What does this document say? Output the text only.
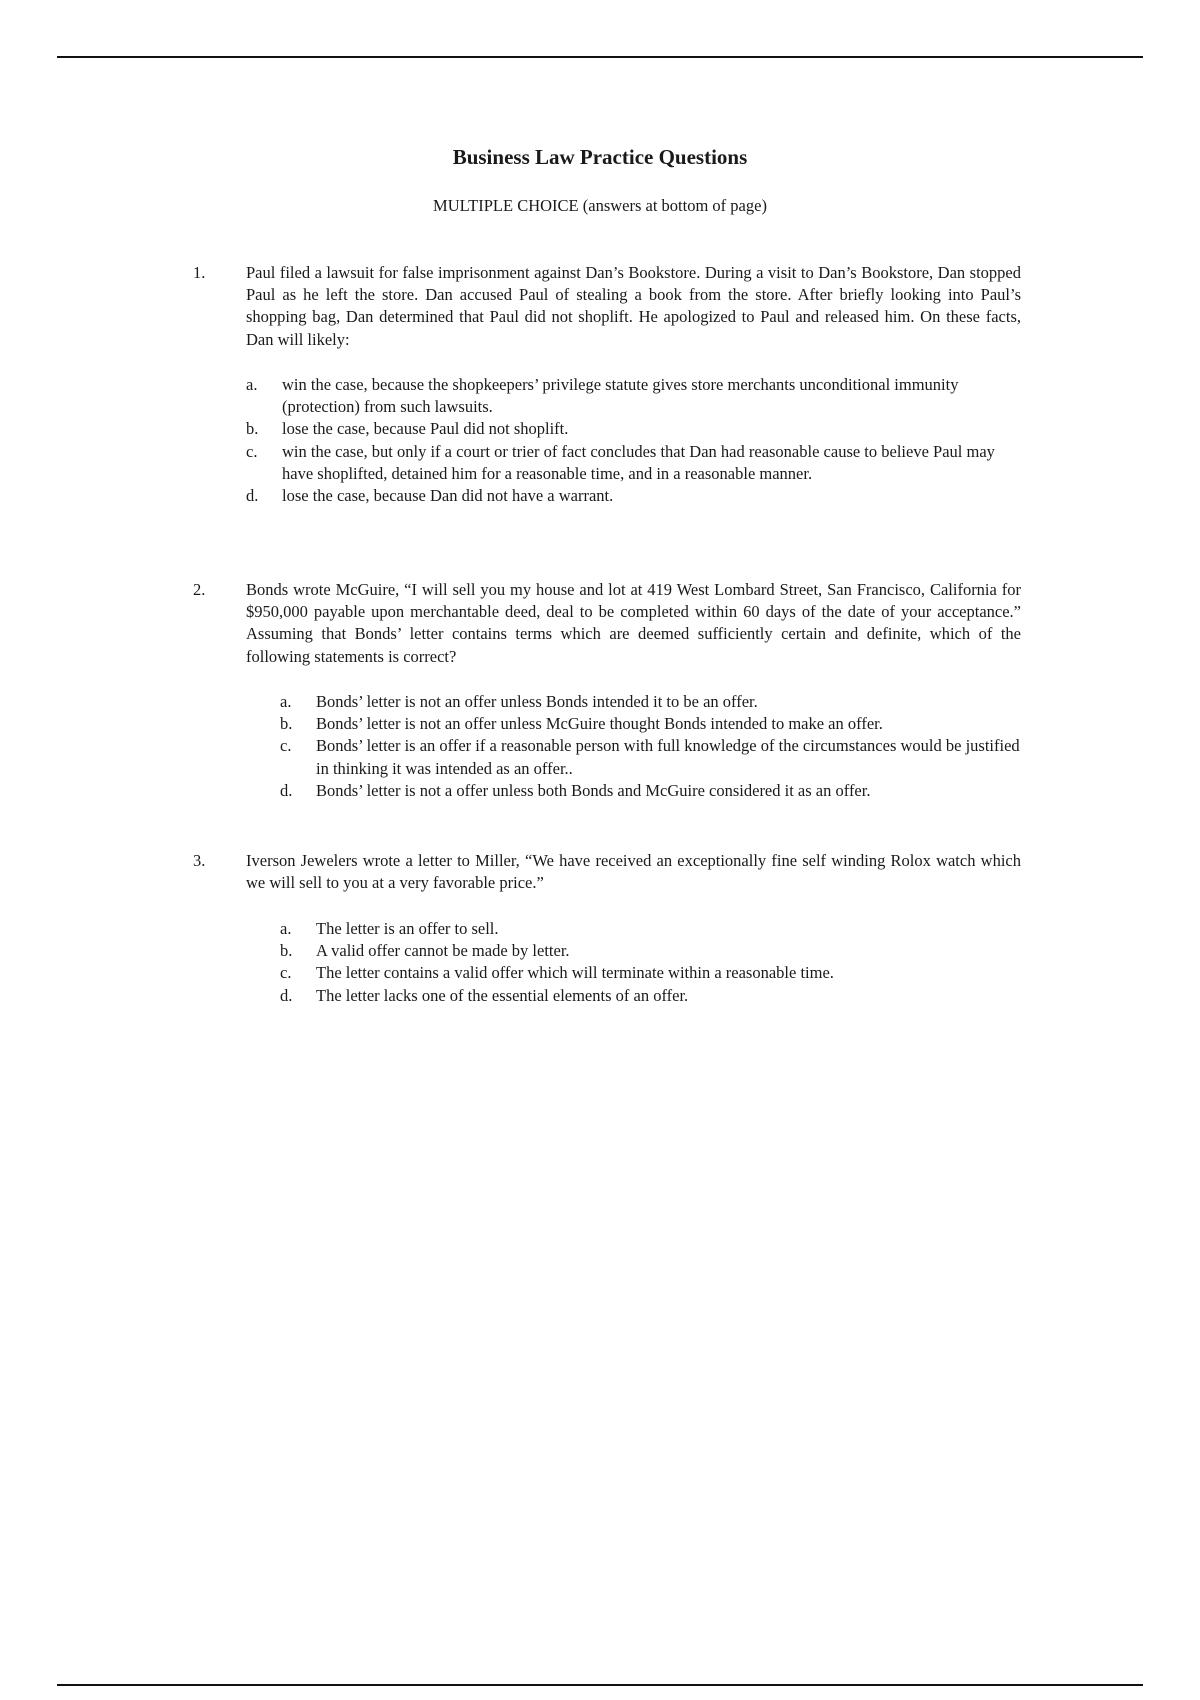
Business Law Practice Questions
MULTIPLE CHOICE (answers at bottom of page)
1. Paul filed a lawsuit for false imprisonment against Dan’s Bookstore. During a visit to Dan’s Bookstore, Dan stopped Paul as he left the store. Dan accused Paul of stealing a book from the store. After briefly looking into Paul’s shopping bag, Dan determined that Paul did not shoplift. He apologized to Paul and released him. On these facts, Dan will likely:
a. win the case, because the shopkeepers’ privilege statute gives store merchants unconditional immunity (protection) from such lawsuits.
b. lose the case, because Paul did not shoplift.
c. win the case, but only if a court or trier of fact concludes that Dan had reasonable cause to believe Paul may have shoplifted, detained him for a reasonable time, and in a reasonable manner.
d. lose the case, because Dan did not have a warrant.
2. Bonds wrote McGuire, “I will sell you my house and lot at 419 West Lombard Street, San Francisco, California for $950,000 payable upon merchantable deed, deal to be completed within 60 days of the date of your acceptance.” Assuming that Bonds’ letter contains terms which are deemed sufficiently certain and definite, which of the following statements is correct?
a. Bonds’ letter is not an offer unless Bonds intended it to be an offer.
b. Bonds’ letter is not an offer unless McGuire thought Bonds intended to make an offer.
c. Bonds’ letter is an offer if a reasonable person with full knowledge of the circumstances would be justified in thinking it was intended as an offer..
d. Bonds’ letter is not a offer unless both Bonds and McGuire considered it as an offer.
3. Iverson Jewelers wrote a letter to Miller, “We have received an exceptionally fine self winding Rolox watch which we will sell to you at a very favorable price.”
a. The letter is an offer to sell.
b. A valid offer cannot be made by letter.
c. The letter contains a valid offer which will terminate within a reasonable time.
d. The letter lacks one of the essential elements of an offer.
